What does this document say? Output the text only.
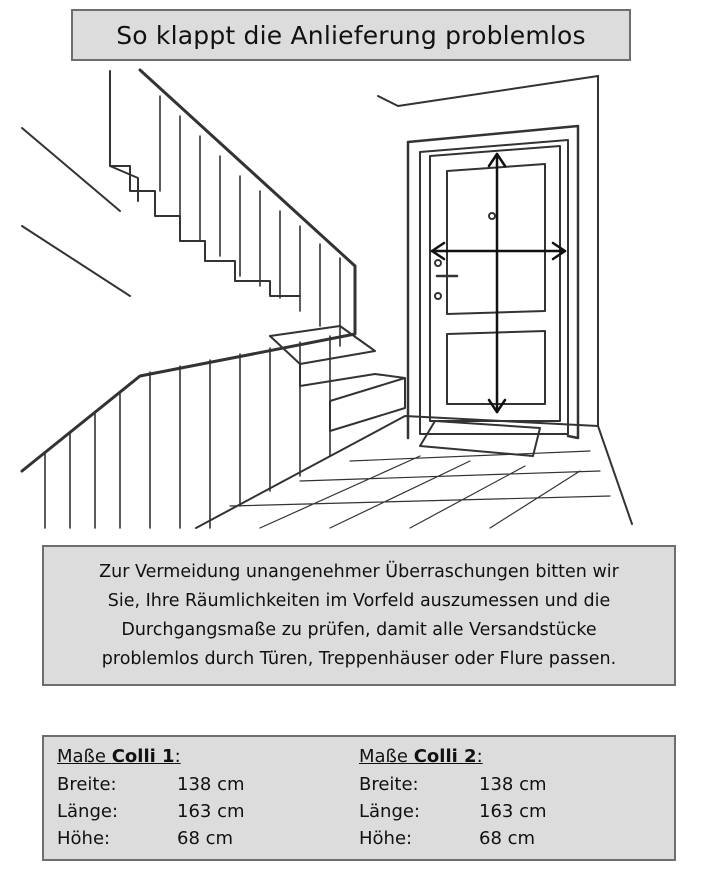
So klappt die Anlieferung problemlos
Zur Vermeidung unangenehmer Überraschungen bitten wir
Sie, Ihre Räumlichkeiten im Vorfeld auszumessen und die
Durchgangsmaße zu prüfen, damit alle Versandstücke
problemlos durch Türen, Treppenhäuser oder Flure passen.
Maße Colli 1:
Breite:	138 cm
Länge:	163 cm
Höhe:	68 cm
Maße Colli 2:
Breite:	138 cm
Länge:	163 cm
Höhe:	68 cm
